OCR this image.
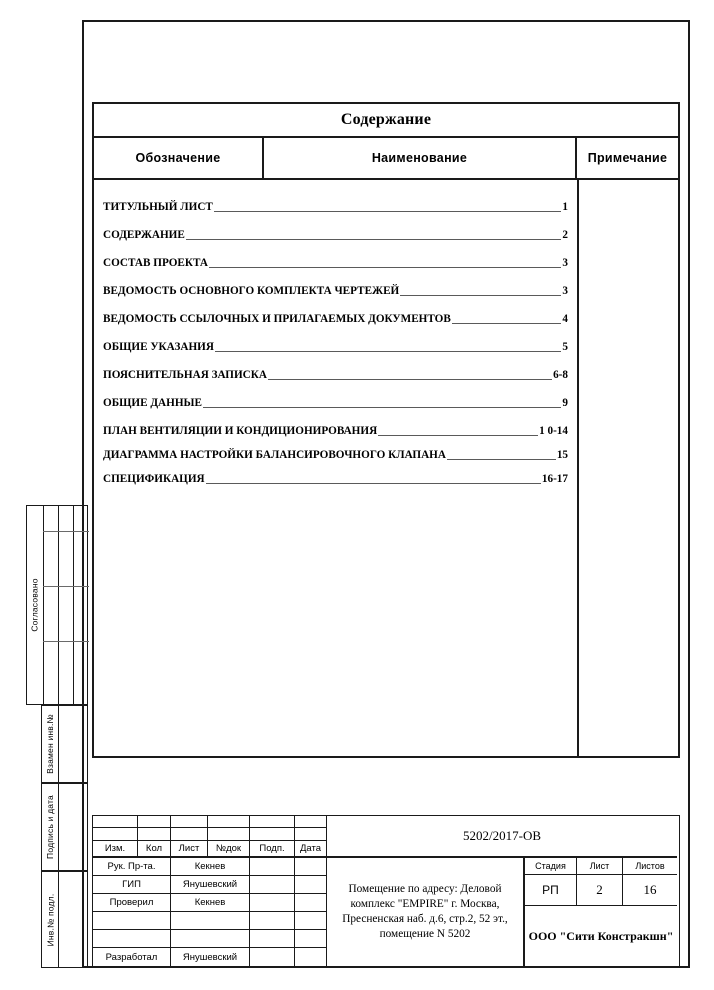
Согласовано
Взамен инв.№
Подпись и дата
Инв.№ подл.
Содержание
Обозначение	Наименование	Примечание
ТИТУЛЬНЫЙ ЛИСТ	1
СОДЕРЖАНИЕ	2
СОСТАВ ПРОЕКТА	3
ВЕДОМОСТЬ ОСНОВНОГО КОМПЛЕКТА ЧЕРТЕЖЕЙ	3
ВЕДОМОСТЬ ССЫЛОЧНЫХ И ПРИЛАГАЕМЫХ ДОКУМЕНТОВ	4
ОБЩИЕ УКАЗАНИЯ	5
ПОЯСНИТЕЛЬНАЯ ЗАПИСКА	6-8
ОБЩИЕ ДАННЫЕ	9
ПЛАН ВЕНТИЛЯЦИИ И КОНДИЦИОНИРОВАНИЯ	1 0-14
ДИАГРАММА НАСТРОЙКИ БАЛАНСИРОВОЧНОГО КЛАПАНА	15
СПЕЦИФИКАЦИЯ	16-17
Изм.	Кол	Лист	№док	Подп.	Дата
Рук. Пр-та.	Кекнев
ГИП	Янушевский
Проверил	Кекнев
Разработал	Янушевский
5202/2017-ОВ
Помещение по адресу: Деловой комплекс "EMPIRE" г. Москва, Пресненская наб. д.6, стр.2, 52 эт., помещение N 5202
Стадия	Лист	Листов
РП	2	16
ООО "Сити Констракшн"
